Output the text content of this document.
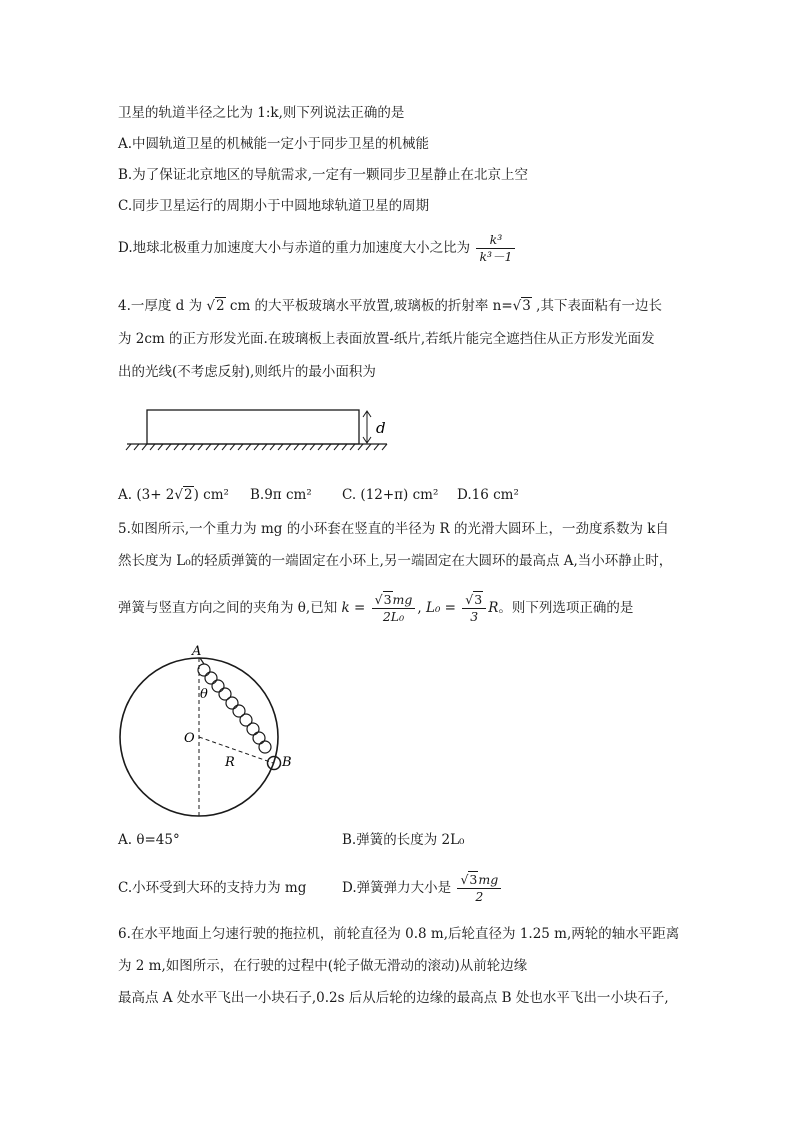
卫星的轨道半径之比为 1:k,则下列说法正确的是
A.中圆轨道卫星的机械能一定小于同步卫星的机械能
B.为了保证北京地区的导航需求,一定有一颗同步卫星静止在北京上空
C.同步卫星运行的周期小于中圆地球轨道卫星的周期
D.地球北极重力加速度大小与赤道的重力加速度大小之比为 $\frac{\text{k³}}{\text{k³－1}}$
4.一厚度 d 为 √2 cm 的大平板玻璃水平放置,玻璃板的折射率 n=√3 ,其下表面粘有一边长
为 2cm 的正方形发光面.在玻璃板上表面放置-纸片,若纸片能完全遮挡住从正方形发光面发
出的光线(不考虑反射),则纸片的最小面积为
d
A. (3+ 2√2) cm² B.9π cm² C. (12+π) cm² D.16 cm²
5.如图所示,一个重力为 mg 的小环套在竖直的半径为 R 的光滑大圆环上，一劲度系数为 k自
然长度为 L₀的轻质弹簧的一端固定在小环上,另一端固定在大圆环的最高点 A,当小环静止时，
弹簧与竖直方向之间的夹角为 θ,已知 $k = \frac{√3mg}{\text{2L₀}}$ , $L_0 = \frac{√3}{3}$ R。则下列选项正确的是
A
θ
O
R	B
A. θ=45°	B.弹簧的长度为 2L₀
C.小环受到大环的支持力为 mg	D.弹簧弹力大小是 $\frac{√3mg}{2}$
6.在水平地面上匀速行驶的拖拉机，前轮直径为 0.8 m,后轮直径为 1.25 m,两轮的轴水平距离
为 2 m,如图所示，在行驶的过程中(轮子做无滑动的滚动)从前轮边缘
最高点 A 处水平飞出一小块石子,0.2s 后从后轮的边缘的最高点 B 处也水平飞出一小块石子,
